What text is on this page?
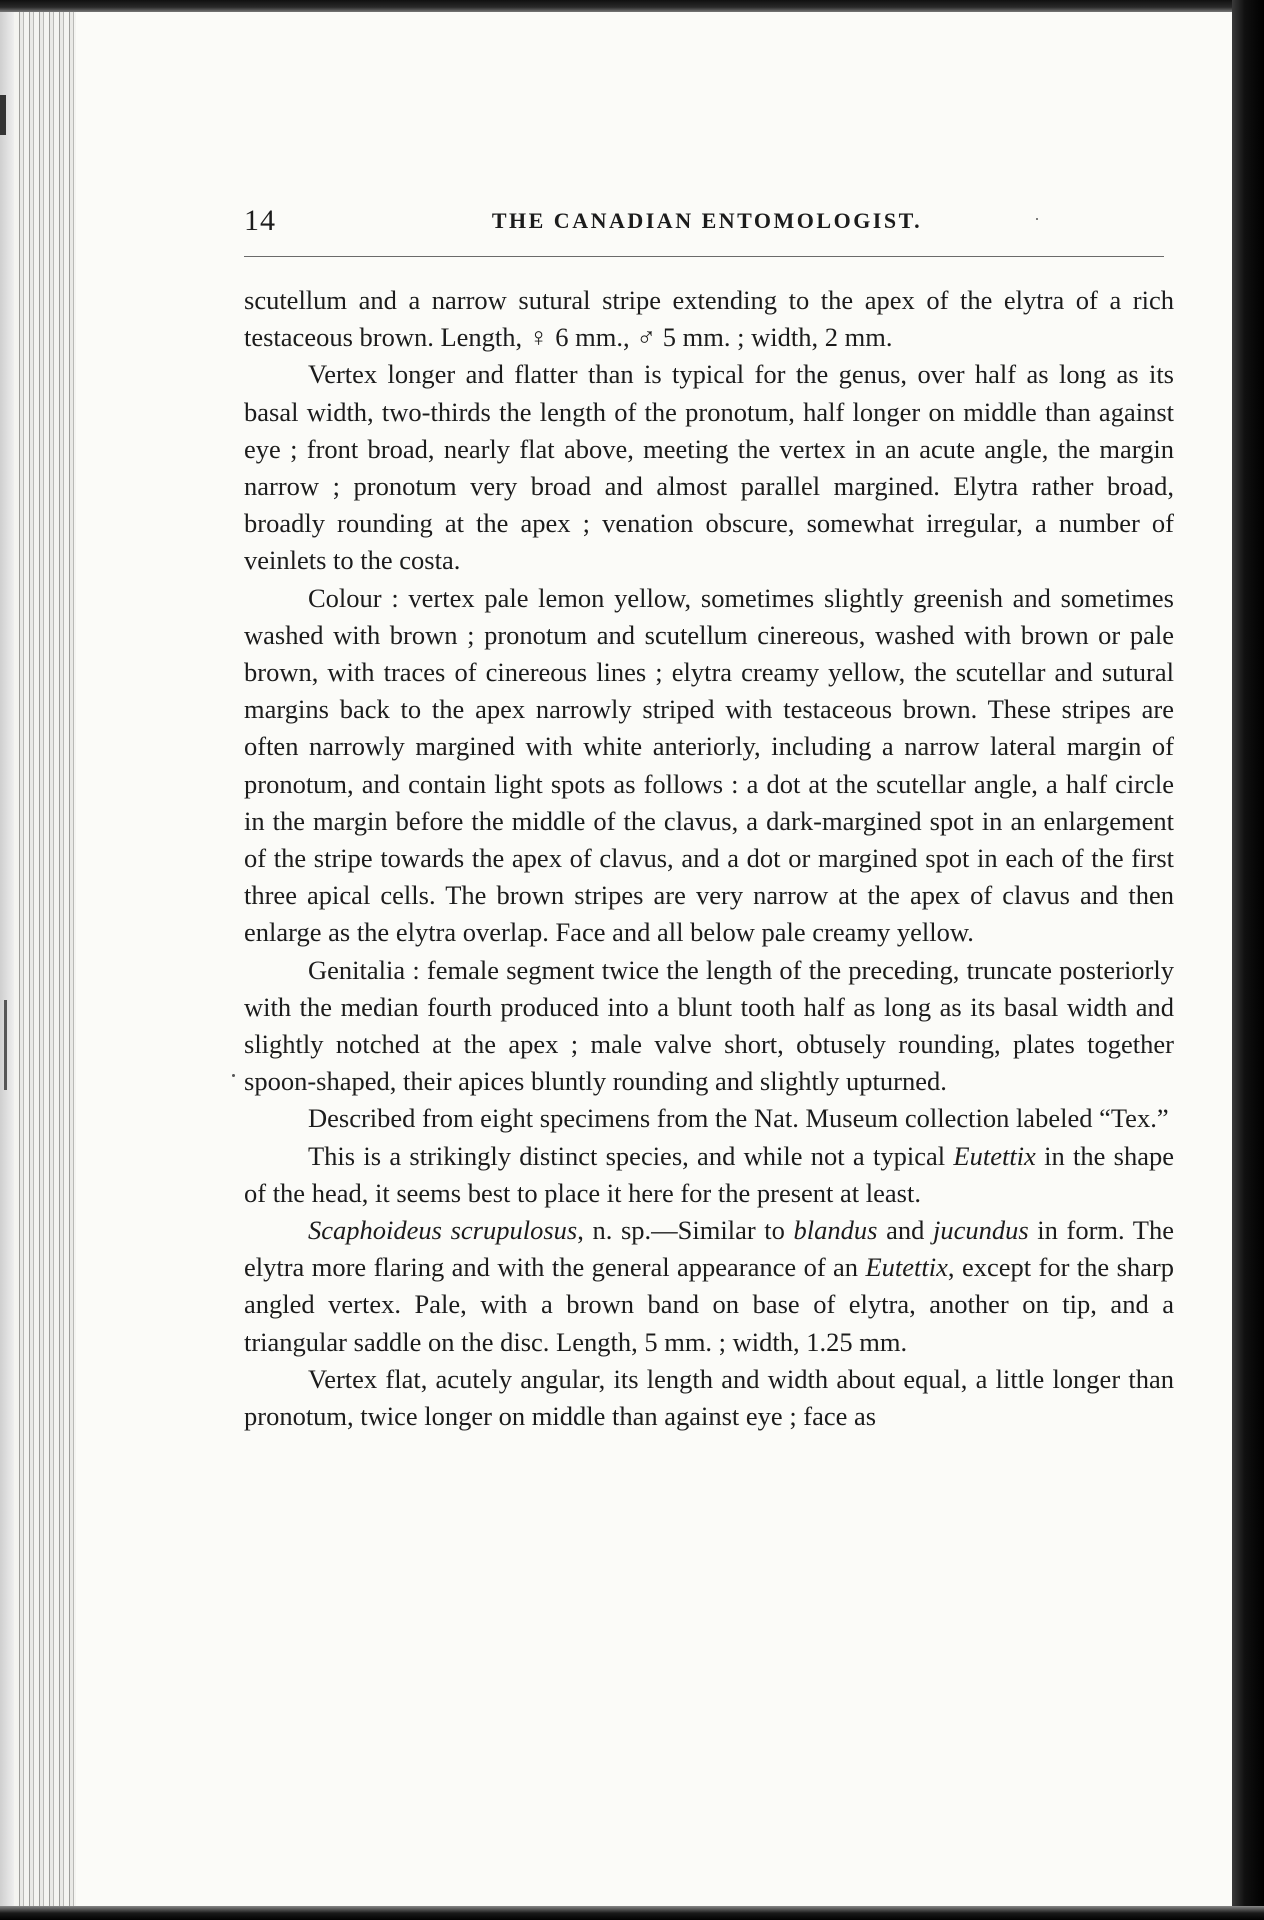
14	THE CANADIAN ENTOMOLOGIST.

scutellum and a narrow sutural stripe extending to the apex of the elytra of a rich testaceous brown. Length, ♀ 6 mm., ♂ 5 mm. ; width, 2 mm.

Vertex longer and flatter than is typical for the genus, over half as long as its basal width, two-thirds the length of the pronotum, half longer on middle than against eye ; front broad, nearly flat above, meeting the vertex in an acute angle, the margin narrow ; pronotum very broad and almost parallel margined. Elytra rather broad, broadly rounding at the apex ; venation obscure, somewhat irregular, a number of veinlets to the costa.

Colour : vertex pale lemon yellow, sometimes slightly greenish and sometimes washed with brown ; pronotum and scutellum cinereous, washed with brown or pale brown, with traces of cinereous lines ; elytra creamy yellow, the scutellar and sutural margins back to the apex narrowly striped with testaceous brown. These stripes are often narrowly margined with white anteriorly, including a narrow lateral margin of pronotum, and contain light spots as follows : a dot at the scutellar angle, a half circle in the margin before the middle of the clavus, a dark-margined spot in an enlargement of the stripe towards the apex of clavus, and a dot or margined spot in each of the first three apical cells. The brown stripes are very narrow at the apex of clavus and then enlarge as the elytra overlap. Face and all below pale creamy yellow.

Genitalia : female segment twice the length of the preceding, truncate posteriorly with the median fourth produced into a blunt tooth half as long as its basal width and slightly notched at the apex ; male valve short, obtusely rounding, plates together spoon-shaped, their apices bluntly rounding and slightly upturned.

Described from eight specimens from the Nat. Museum collection labeled “Tex.”

This is a strikingly distinct species, and while not a typical Eutettix in the shape of the head, it seems best to place it here for the present at least.

Scaphoideus scrupulosus, n. sp.—Similar to blandus and jucundus in form. The elytra more flaring and with the general appearance of an Eutettix, except for the sharp angled vertex. Pale, with a brown band on base of elytra, another on tip, and a triangular saddle on the disc. Length, 5 mm. ; width, 1.25 mm.

Vertex flat, acutely angular, its length and width about equal, a little longer than pronotum, twice longer on middle than against eye ; face as
